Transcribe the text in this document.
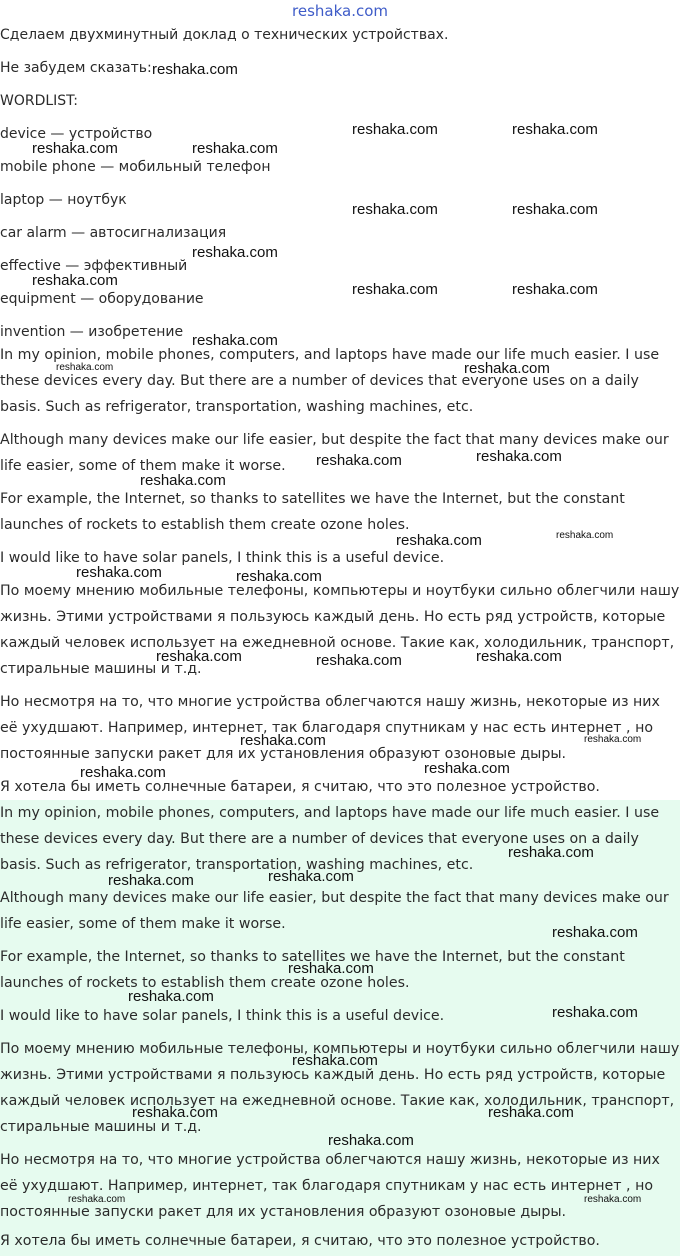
reshaka.com
Сделаем двухминутный доклад о технических устройствах.
Не забудем сказать:
WORDLIST:
device — устройство
mobile phone — мобильный телефон
laptop — ноутбук
car alarm — автосигнализация
effective — эффективный
equipment — оборудование
invention — изобретение
In my opinion, mobile phones, computers, and laptops have made our life much easier. I use these devices every day. But there are a number of devices that everyone uses on a daily basis. Such as refrigerator, transportation, washing machines, etc.
Although many devices make our life easier, but despite the fact that many devices make our life easier, some of them make it worse.
For example, the Internet, so thanks to satellites we have the Internet, but the constant launches of rockets to establish them create ozone holes.
I would like to have solar panels, I think this is a useful device.
По моему мнению мобильные телефоны, компьютеры и ноутбуки сильно облегчили нашу жизнь. Этими устройствами я пользуюсь каждый день. Но есть ряд устройств, которые каждый человек использует на ежедневной основе. Такие как, холодильник, транспорт, стиральные машины и т.д.
Но несмотря на то, что многие устройства облегчаются нашу жизнь, некоторые из них её ухудшают. Например, интернет, так благодаря спутникам у нас есть интернет , но постоянные запуски ракет для их установления образуют озоновые дыры.
Я хотела бы иметь солнечные батареи, я считаю, что это полезное устройство.
In my opinion, mobile phones, computers, and laptops have made our life much easier. I use these devices every day. But there are a number of devices that everyone uses on a daily basis. Such as refrigerator, transportation, washing machines, etc.
Although many devices make our life easier, but despite the fact that many devices make our life easier, some of them make it worse.
For example, the Internet, so thanks to satellites we have the Internet, but the constant launches of rockets to establish them create ozone holes.
I would like to have solar panels, I think this is a useful device.
По моему мнению мобильные телефоны, компьютеры и ноутбуки сильно облегчили нашу жизнь. Этими устройствами я пользуюсь каждый день. Но есть ряд устройств, которые каждый человек использует на ежедневной основе. Такие как, холодильник, транспорт, стиральные машины и т.д.
Но несмотря на то, что многие устройства облегчаются нашу жизнь, некоторые из них её ухудшают. Например, интернет, так благодаря спутникам у нас есть интернет , но постоянные запуски ракет для их установления образуют озоновые дыры.
Я хотела бы иметь солнечные батареи, я считаю, что это полезное устройство.
reshaka.com
reshaka.com	reshaka.com
reshaka.com	reshaka.com
reshaka.com	reshaka.com
reshaka.com
reshaka.com
reshaka.com	reshaka.com
reshaka.com
reshaka.com	reshaka.com
reshaka.com
reshaka.com
reshaka.com
reshaka.com
reshaka.com
reshaka.com	reshaka.com
reshaka.com	reshaka.com
reshaka.com
reshaka.com
reshaka.com
reshaka.com
reshaka.com
reshaka.com
reshaka.com
reshaka.com
reshaka.com
reshaka.com
reshaka.com
reshaka.com
reshaka.com
reshaka.com	reshaka.com
reshaka.com
reshaka.com	reshaka.com
